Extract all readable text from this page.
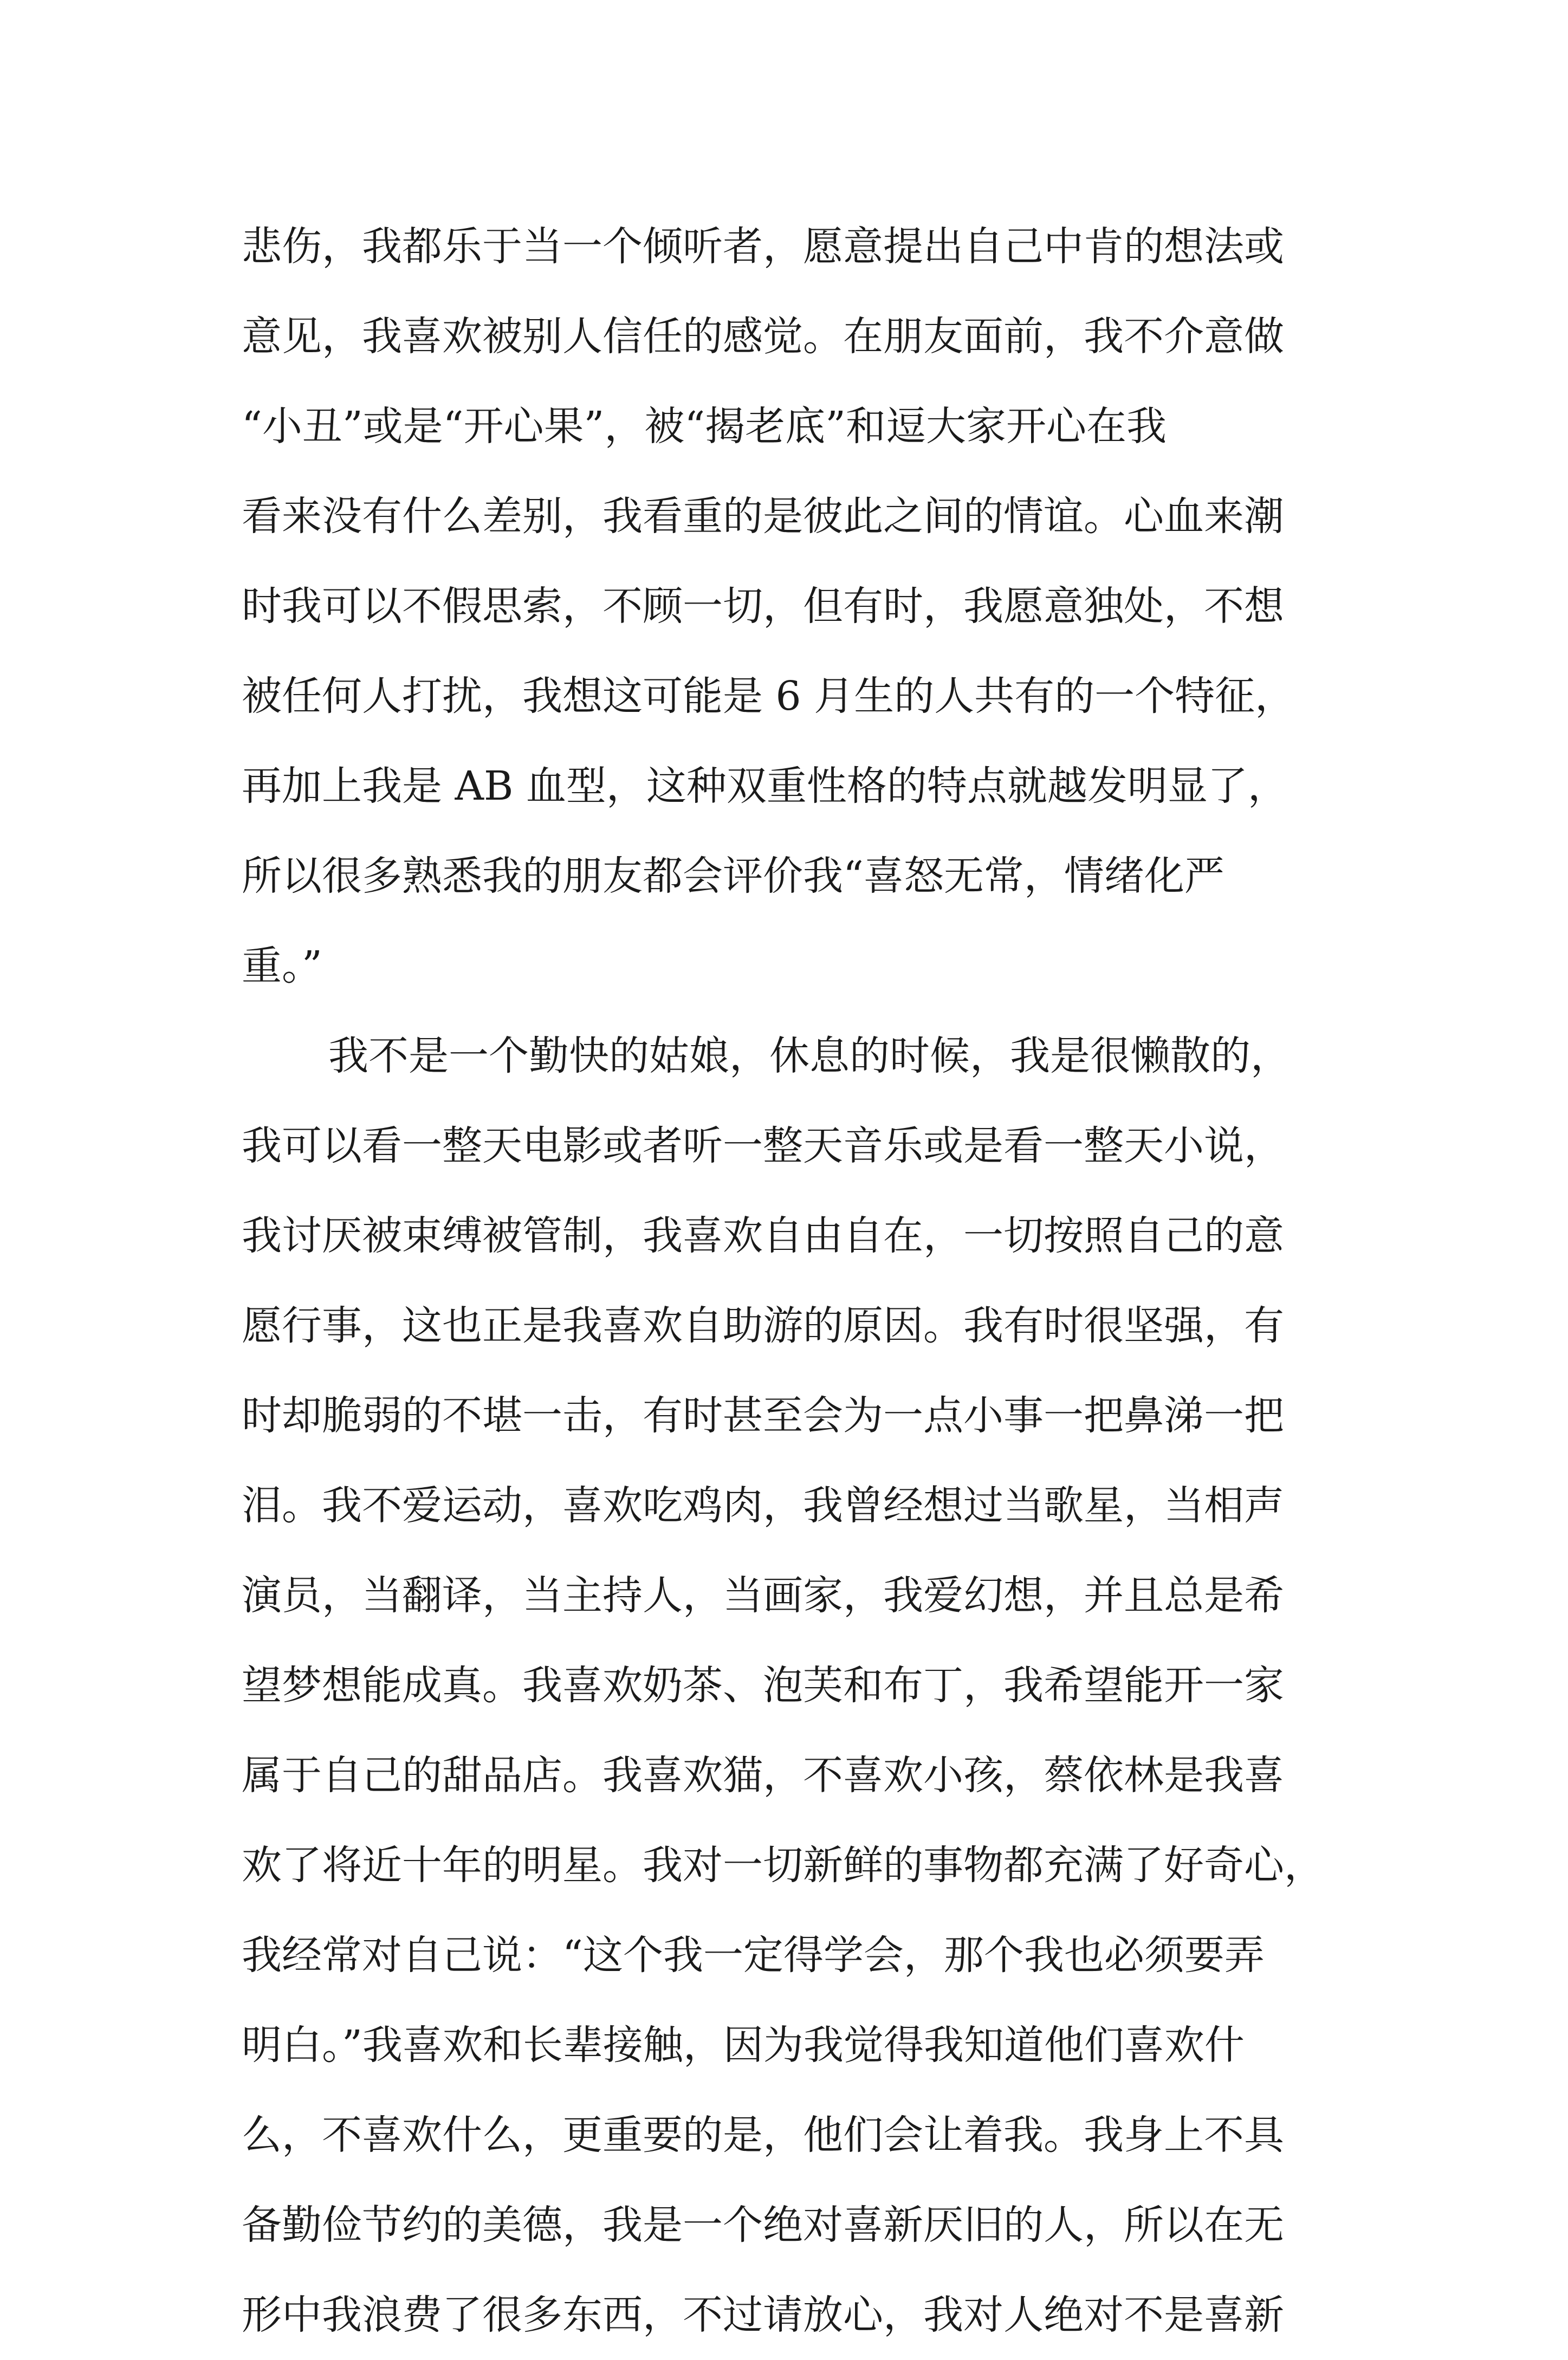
悲伤，我都乐于当一个倾听者，愿意提出自己中肯的想法或
意见，我喜欢被别人信任的感觉。在朋友面前，我不介意做
“小丑”或是“开心果”，被“揭老底”和逗大家开心在我
看来没有什么差别，我看重的是彼此之间的情谊。心血来潮
时我可以不假思索，不顾一切，但有时，我愿意独处，不想
被任何人打扰，我想这可能是 6 月生的人共有的一个特征，
再加上我是 AB 血型，这种双重性格的特点就越发明显了，
所以很多熟悉我的朋友都会评价我“喜怒无常，情绪化严
重。”
我不是一个勤快的姑娘，休息的时候，我是很懒散的，
我可以看一整天电影或者听一整天音乐或是看一整天小说，
我讨厌被束缚被管制，我喜欢自由自在，一切按照自己的意
愿行事，这也正是我喜欢自助游的原因。我有时很坚强，有
时却脆弱的不堪一击，有时甚至会为一点小事一把鼻涕一把
泪。我不爱运动，喜欢吃鸡肉，我曾经想过当歌星，当相声
演员，当翻译，当主持人，当画家，我爱幻想，并且总是希
望梦想能成真。我喜欢奶茶、泡芙和布丁，我希望能开一家
属于自己的甜品店。我喜欢猫，不喜欢小孩，蔡依林是我喜
欢了将近十年的明星。我对一切新鲜的事物都充满了好奇心，
我经常对自己说：“这个我一定得学会，那个我也必须要弄
明白。”我喜欢和长辈接触，因为我觉得我知道他们喜欢什
么，不喜欢什么，更重要的是，他们会让着我。我身上不具
备勤俭节约的美德，我是一个绝对喜新厌旧的人，所以在无
形中我浪费了很多东西，不过请放心，我对人绝对不是喜新
